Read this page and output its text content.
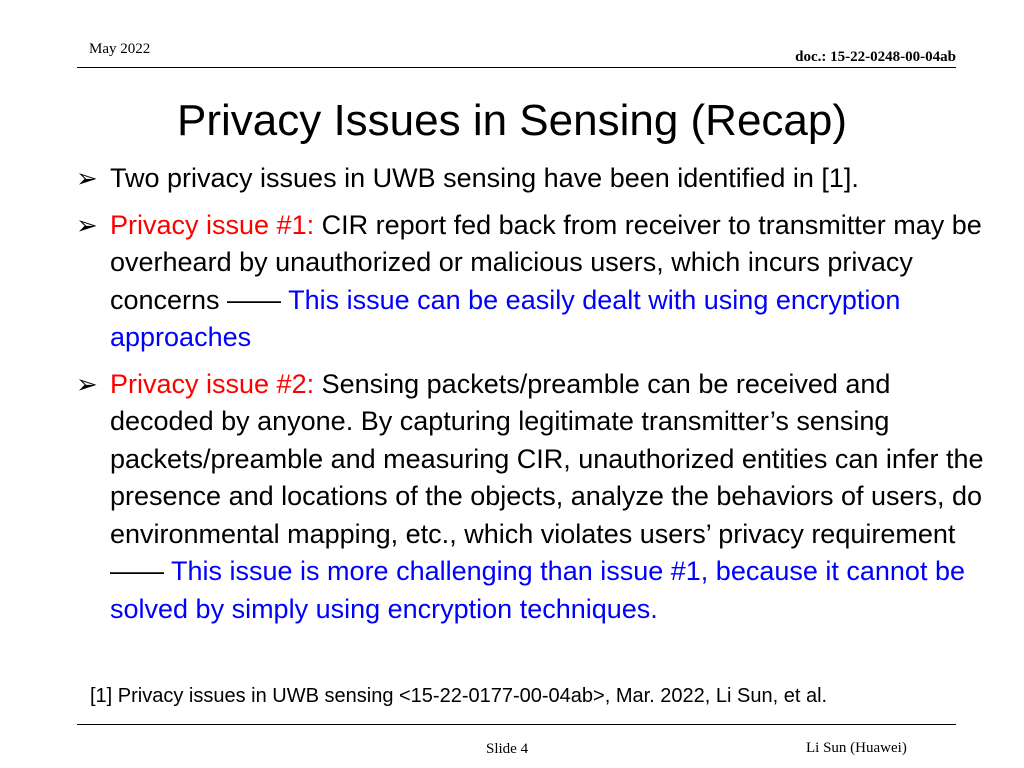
May 2022	doc.: 15-22-0248-00-04ab
Privacy Issues in Sensing (Recap)
➢ Two privacy issues in UWB sensing have been identified in [1].
➢ Privacy issue #1: CIR report fed back from receiver to transmitter may be overheard by unauthorized or malicious users, which incurs privacy concerns —— This issue can be easily dealt with using encryption approaches
➢ Privacy issue #2: Sensing packets/preamble can be received and decoded by anyone. By capturing legitimate transmitter’s sensing packets/preamble and measuring CIR, unauthorized entities can infer the presence and locations of the objects, analyze the behaviors of users, do environmental mapping, etc., which violates users’ privacy requirement —— This issue is more challenging than issue #1, because it cannot be solved by simply using encryption techniques.
[1] Privacy issues in UWB sensing <15-22-0177-00-04ab>, Mar. 2022, Li Sun, et al.
Slide 4	Li Sun (Huawei)
